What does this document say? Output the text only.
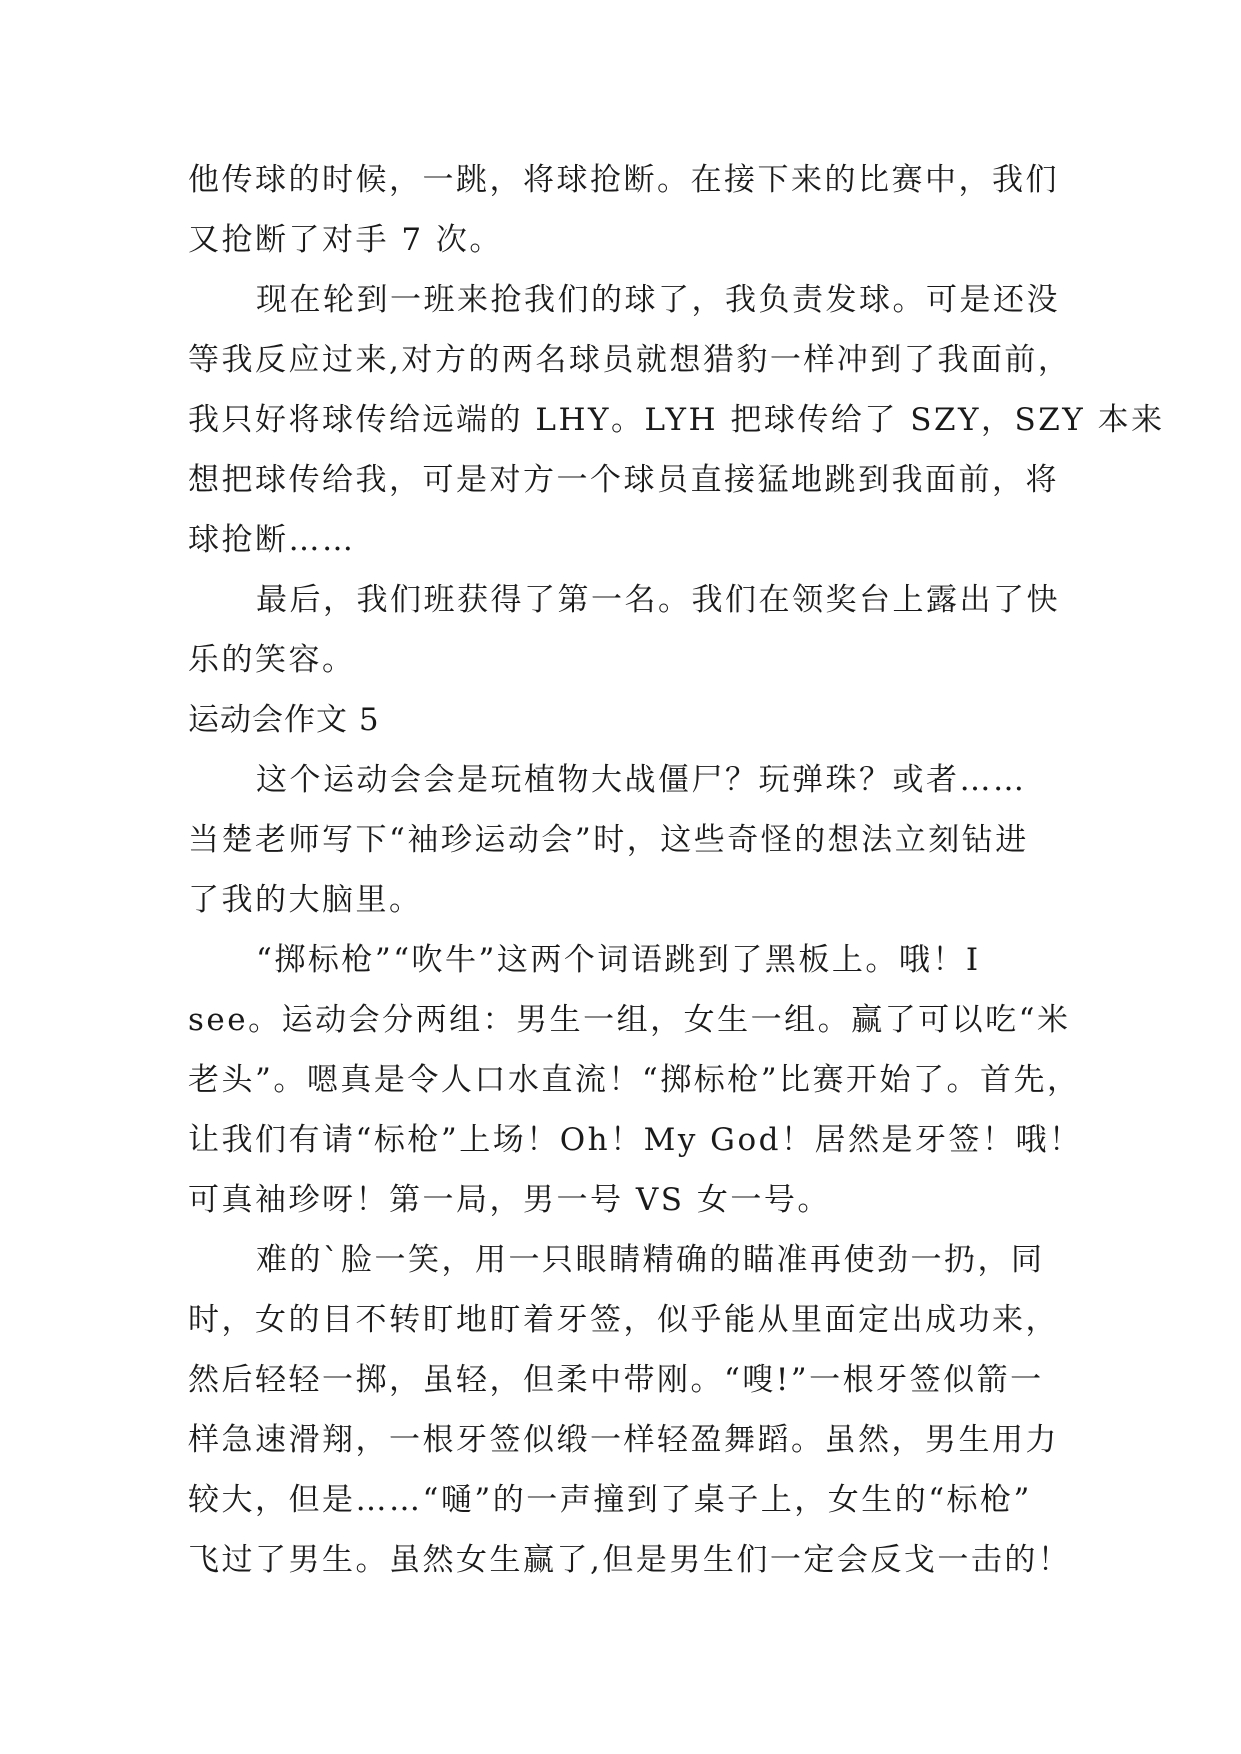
他传球的时候，一跳，将球抢断。在接下来的比赛中，我们
又抢断了对手 7 次。
现在轮到一班来抢我们的球了，我负责发球。可是还没
等我反应过来,对方的两名球员就想猎豹一样冲到了我面前，
我只好将球传给远端的 LHY。LYH 把球传给了 SZY，SZY 本来
想把球传给我，可是对方一个球员直接猛地跳到我面前，将
球抢断……
最后，我们班获得了第一名。我们在领奖台上露出了快
乐的笑容。
运动会作文 5
这个运动会会是玩植物大战僵尸？玩弹珠？或者……
当楚老师写下“袖珍运动会”时，这些奇怪的想法立刻钻进
了我的大脑里。
“掷标枪”“吹牛”这两个词语跳到了黑板上。哦！I
see。运动会分两组：男生一组，女生一组。赢了可以吃“米
老头”。嗯真是令人口水直流！“掷标枪”比赛开始了。首先，
让我们有请“标枪”上场！Oh！My God！居然是牙签！哦！
可真袖珍呀！第一局，男一号 VS 女一号。
难的`脸一笑，用一只眼睛精确的瞄准再使劲一扔，同
时，女的目不转盯地盯着牙签，似乎能从里面定出成功来，
然后轻轻一掷，虽轻，但柔中带刚。“嗖!”一根牙签似箭一
样急速滑翔，一根牙签似缎一样轻盈舞蹈。虽然，男生用力
较大，但是……“嗵”的一声撞到了桌子上，女生的“标枪”
飞过了男生。虽然女生赢了,但是男生们一定会反戈一击的！
